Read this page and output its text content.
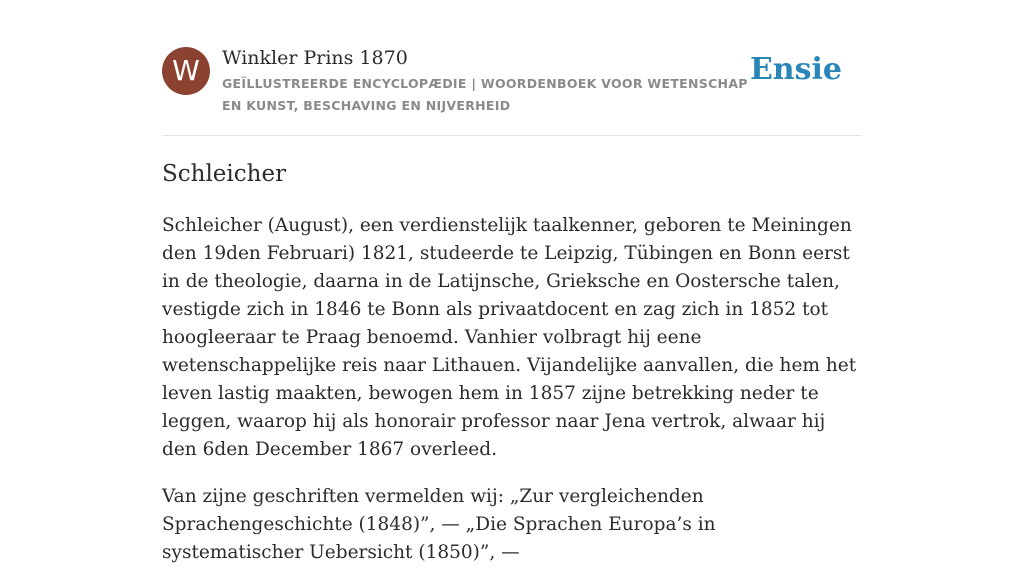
W	Winkler Prins 1870
GEÏLLUSTREERDE ENCYCLOPÆDIE | WOORDENBOEK VOOR WETENSCHAP EN KUNST, BESCHAVING EN NIJVERHEID
Ensie
Schleicher

Schleicher (August), een verdienstelijk taalkenner, geboren te Meiningen den 19den Februari) 1821, studeerde te Leipzig, Tübingen en Bonn eerst in de theologie, daarna in de Latijnsche, Grieksche en Oostersche talen, vestigde zich in 1846 te Bonn als privaatdocent en zag zich in 1852 tot hoogleeraar te Praag benoemd. Vanhier volbragt hij eene wetenschappelijke reis naar Lithauen. Vijandelijke aanvallen, die hem het leven lastig maakten, bewogen hem in 1857 zijne betrekking neder te leggen, waarop hij als honorair professor naar Jena vertrok, alwaar hij den 6den December 1867 overleed.

Van zijne geschriften vermelden wij: „Zur vergleichenden Sprachengeschichte (1848)”, — „Die Sprachen Europa’s in systematischer Uebersicht (1850)”, —
